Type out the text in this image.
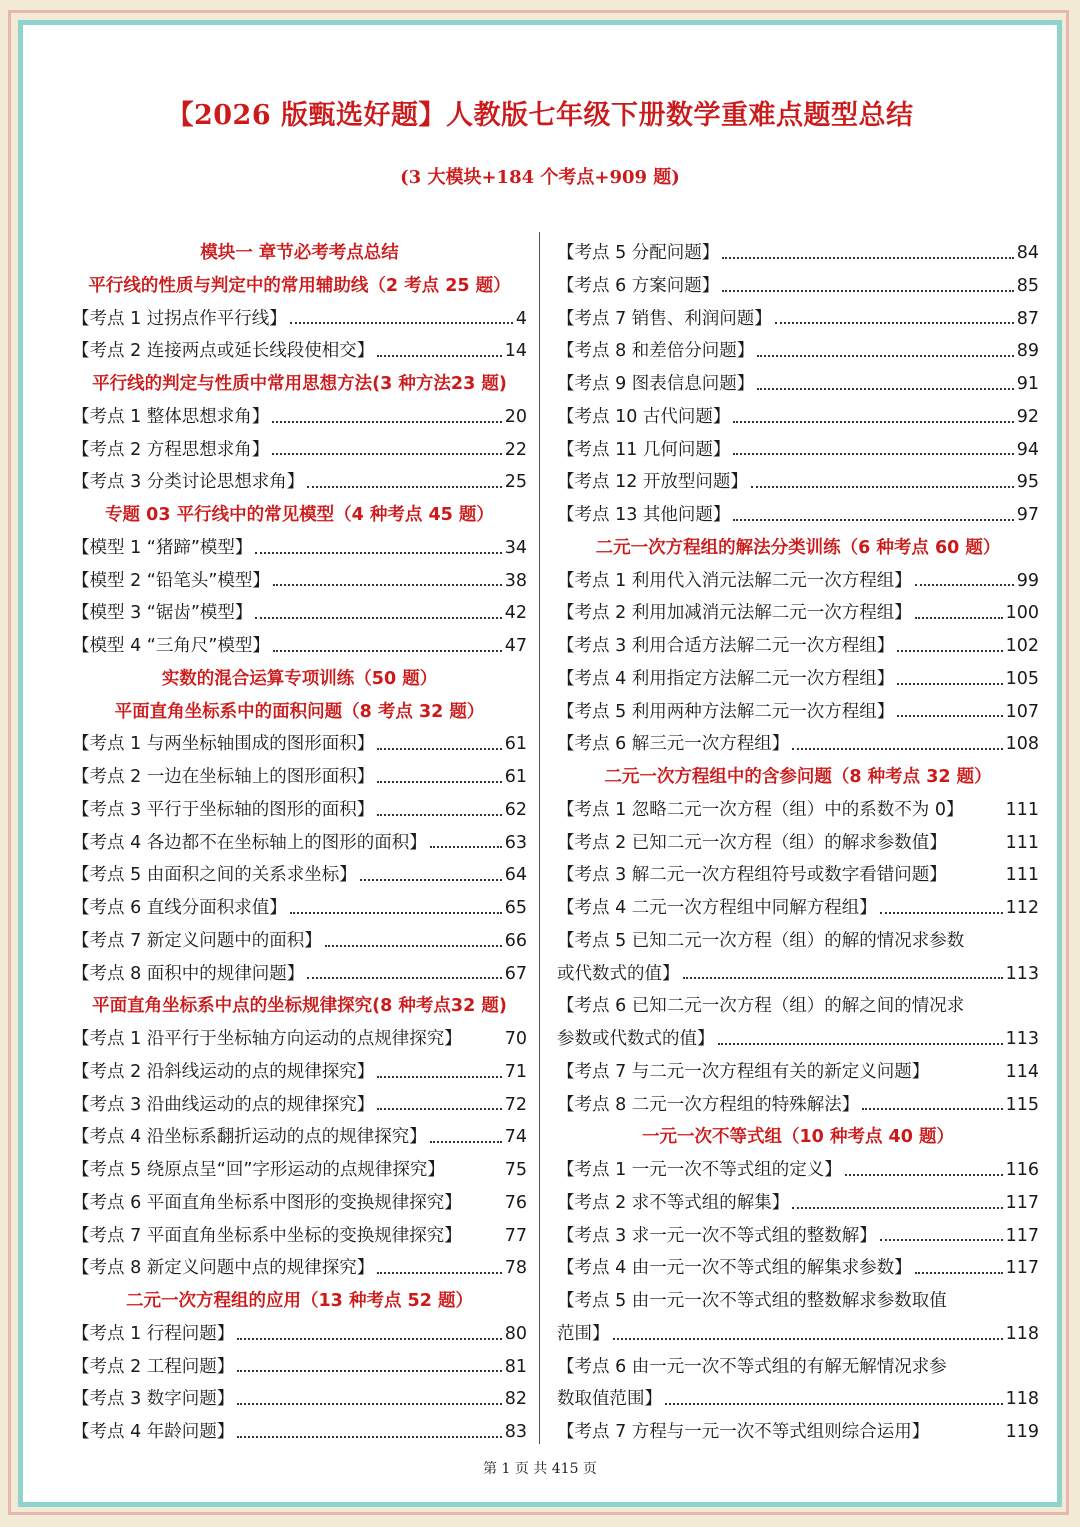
【2026 版甄选好题】人教版七年级下册数学重难点题型总结
(3 大模块+184 个考点+909 题)
模块一 章节必考考点总结
平行线的性质与判定中的常用辅助线（2 考点 25 题）
【考点 1 过拐点作平行线】	4
【考点 2 连接两点或延长线段使相交】	14
平行线的判定与性质中常用思想方法(3 种方法23 题)
【考点 1 整体思想求角】	20
【考点 2 方程思想求角】	22
【考点 3 分类讨论思想求角】	25
专题 03 平行线中的常见模型（4 种考点 45 题）
【模型 1 “猪蹄”模型】	34
【模型 2 “铅笔头”模型】	38
【模型 3 “锯齿”模型】	42
【模型 4 “三角尺”模型】	47
实数的混合运算专项训练（50 题）
平面直角坐标系中的面积问题（8 考点 32 题）
【考点 1 与两坐标轴围成的图形面积】	61
【考点 2 一边在坐标轴上的图形面积】	61
【考点 3 平行于坐标轴的图形的面积】	62
【考点 4 各边都不在坐标轴上的图形的面积】	63
【考点 5 由面积之间的关系求坐标】	64
【考点 6 直线分面积求值】	65
【考点 7 新定义问题中的面积】	66
【考点 8 面积中的规律问题】	67
平面直角坐标系中点的坐标规律探究(8 种考点32 题)
【考点 1 沿平行于坐标轴方向运动的点规律探究】 70
【考点 2 沿斜线运动的点的规律探究】	71
【考点 3 沿曲线运动的点的规律探究】	72
【考点 4 沿坐标系翻折运动的点的规律探究】	74
【考点 5 绕原点呈“回”字形运动的点规律探究】	75
【考点 6 平面直角坐标系中图形的变换规律探究】 76
【考点 7 平面直角坐标系中坐标的变换规律探究】 77
【考点 8 新定义问题中点的规律探究】	78
二元一次方程组的应用（13 种考点 52 题）
【考点 1 行程问题】	80
【考点 2 工程问题】	81
【考点 3 数字问题】	82
【考点 4 年龄问题】	83
【考点 5 分配问题】	84
【考点 6 方案问题】	85
【考点 7 销售、利润问题】	87
【考点 8 和差倍分问题】	89
【考点 9 图表信息问题】	91
【考点 10 古代问题】	92
【考点 11 几何问题】	94
【考点 12 开放型问题】	95
【考点 13 其他问题】	97
二元一次方程组的解法分类训练（6 种考点 60 题）
【考点 1 利用代入消元法解二元一次方程组】	99
【考点 2 利用加减消元法解二元一次方程组】	100
【考点 3 利用合适方法解二元一次方程组】	102
【考点 4 利用指定方法解二元一次方程组】	105
【考点 5 利用两种方法解二元一次方程组】	107
【考点 6 解三元一次方程组】	108
二元一次方程组中的含参问题（8 种考点 32 题）
【考点 1 忽略二元一次方程（组）中的系数不为 0】 111
【考点 2 已知二元一次方程（组）的解求参数值】	111
【考点 3 解二元一次方程组符号或数字看错问题】	111
【考点 4 二元一次方程组中同解方程组】	112
【考点 5 已知二元一次方程（组）的解的情况求参数
或代数式的值】	113
【考点 6 已知二元一次方程（组）的解之间的情况求
参数或代数式的值】	113
【考点 7 与二元一次方程组有关的新定义问题】	114
【考点 8 二元一次方程组的特殊解法】	115
一元一次不等式组（10 种考点 40 题）
【考点 1 一元一次不等式组的定义】	116
【考点 2 求不等式组的解集】	117
【考点 3 求一元一次不等式组的整数解】	117
【考点 4 由一元一次不等式组的解集求参数】	117
【考点 5 由一元一次不等式组的整数解求参数取值
范围】	118
【考点 6 由一元一次不等式组的有解无解情况求参
数取值范围】	118
【考点 7 方程与一元一次不等式组则综合运用】	119
第 1 页 共 415 页
